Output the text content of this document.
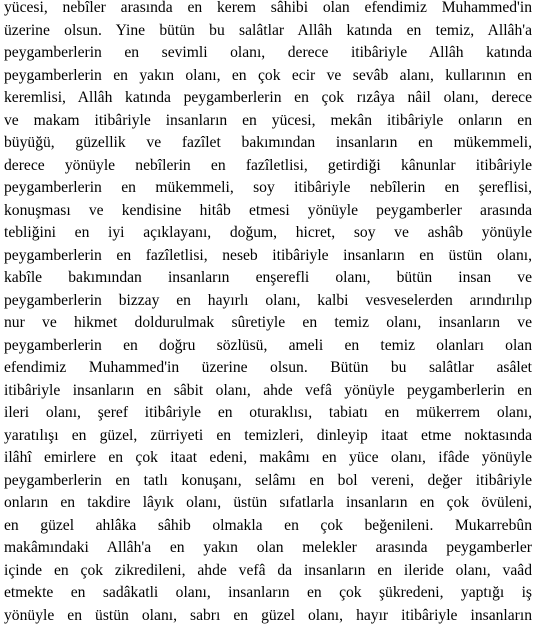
yücesi, nebîler arasında en kerem sâhibi olan efendimiz Muhammed'in
üzerine olsun. Yine bütün bu salâtlar Allâh katında en temiz, Allâh'a
peygamberlerin en sevimli olanı, derece itibâriyle Allâh katında
peygamberlerin en yakın olanı, en çok ecir ve sevâb alanı, kullarının en
keremlisi, Allâh katında peygamberlerin en çok rızâya nâil olanı, derece
ve makam itibâriyle insanların en yücesi, mekân itibâriyle onların en
büyüğü, güzellik ve fazîlet bakımından insanların en mükemmeli,
derece yönüyle nebîlerin en fazîletlisi, getirdiği kânunlar itibâriyle
peygamberlerin en mükemmeli, soy itibâriyle nebîlerin en şereflisi,
konuşması ve kendisine hitâb etmesi yönüyle peygamberler arasında
tebliğini en iyi açıklayanı, doğum, hicret, soy ve ashâb yönüyle
peygamberlerin en fazîletlisi, neseb itibâriyle insanların en üstün olanı,
kabîle bakımından insanların enşerefli olanı, bütün insan ve
peygamberlerin bizzay en hayırlı olanı, kalbi vesveselerden arındırılıp
nur ve hikmet doldurulmak sûretiyle en temiz olanı, insanların ve
peygamberlerin en doğru sözlüsü, ameli en temiz olanları olan
efendimiz Muhammed'in üzerine olsun. Bütün bu salâtlar asâlet
itibâriyle insanların en sâbit olanı, ahde vefâ yönüyle peygamberlerin en
ileri olanı, şeref itibâriyle en oturaklısı, tabiatı en mükerrem olanı,
yaratılışı en güzel, zürriyeti en temizleri, dinleyip itaat etme noktasında
ilâhî emirlere en çok itaat edeni, makâmı en yüce olanı, ifâde yönüyle
peygamberlerin en tatlı konuşanı, selâmı en bol vereni, değer itibâriyle
onların en takdire lâyık olanı, üstün sıfatlarla insanların en çok övüleni,
en güzel ahlâka sâhib olmakla en çok beğenileni. Mukarrebûn
makâmındaki Allâh'a en yakın olan melekler arasında peygamberler
içinde en çok zikredileni, ahde vefâ da insanların en ileride olanı, vaâd
etmekte en sadâkatli olanı, insanların en çok şükredeni, yaptığı iş
yönüyle en üstün olanı, sabrı en güzel olanı, hayır itibâriyle insanların
